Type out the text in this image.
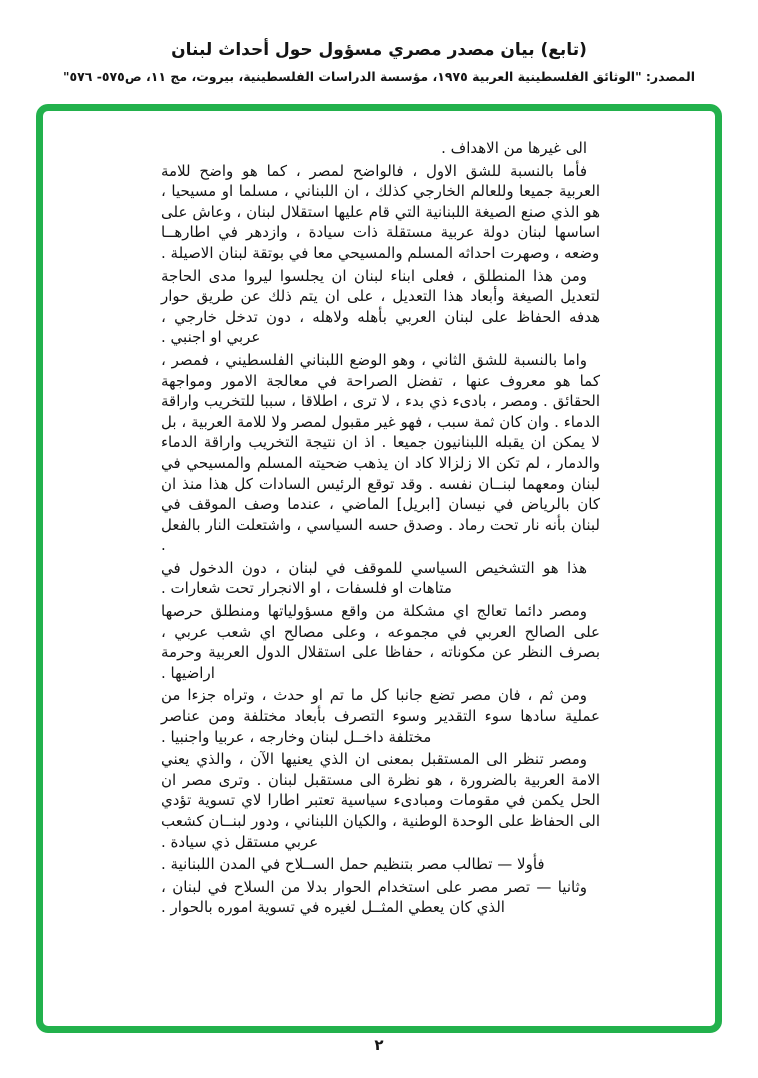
(تابع) بيان مصدر مصري مسؤول حول أحداث لبنان
المصدر: "الوثائق الفلسطينية العربية ١٩٧٥، مؤسسة الدراسات الفلسطينية، بيروت، مج ١١، ص٥٧٥- ٥٧٦"

الى غيرها من الاهداف .

فأما بالنسبة للشق الاول ، فالواضح لمصر ، كما هو واضح للامة العربية جميعا وللعالم الخارجي كذلك ، ان اللبناني ، مسلما او مسيحيا ، هو الذي صنع الصيغة اللبنانية التي قام عليها استقلال لبنان ، وعاش على اساسها لبنان دولة عربية مستقلة ذات سيادة ، وازدهر في اطارهــا وضعه ، وصهرت احداثه المسلم والمسيحي معا في بوتقة لبنان الاصيلة .

ومن هذا المنطلق ، فعلى ابناء لبنان ان يجلسوا ليروا مدى الحاجة لتعديل الصيغة وأبعاد هذا التعديل ، على ان يتم ذلك عن طريق حوار هدفه الحفاظ على لبنان العربي بأهله ولاهله ، دون تدخل خارجي ، عربي او اجنبي .

واما بالنسبة للشق الثاني ، وهو الوضع اللبناني الفلسطيني ، فمصر ، كما هو معروف عنها ، تفضل الصراحة في معالجة الامور ومواجهة الحقائق . ومصر ، بادىء ذي بدء ، لا ترى ، اطلاقا ، سببا للتخريب واراقة الدماء . وان كان ثمة سبب ، فهو غير مقبول لمصر ولا للامة العربية ، بل لا يمكن ان يقبله اللبنانيون جميعا . اذ ان نتيجة التخريب واراقة الدماء والدمار ، لم تكن الا زلزالا كاد ان يذهب ضحيته المسلم والمسيحي في لبنان ومعهما لبنــان نفسه . وقد توقع الرئيس السادات كل هذا منذ ان كان بالرياض في نيسان [ابريل] الماضي ، عندما وصف الموقف في لبنان بأنه نار تحت رماد . وصدق حسه السياسي ، واشتعلت النار بالفعل .

هذا هو التشخيص السياسي للموقف في لبنان ، دون الدخول في متاهات او فلسفات ، او الانجرار تحت شعارات .

ومصر دائما تعالج اي مشكلة من واقع مسؤولياتها ومنطلق حرصها على الصالح العربي في مجموعه ، وعلى مصالح اي شعب عربي ، بصرف النظر عن مكوناته ، حفاظا على استقلال الدول العربية وحرمة اراضيها .

ومن ثم ، فان مصر تضع جانبا كل ما تم او حدث ، وتراه جزءا من عملية سادها سوء التقدير وسوء التصرف بأبعاد مختلفة ومن عناصر مختلفة داخــل لبنان وخارجه ، عربيا واجنبيا .

ومصر تنظر الى المستقبل بمعنى ان الذي يعنيها الآن ، والذي يعني الامة العربية بالضرورة ، هو نظرة الى مستقبل لبنان . وترى مصر ان الحل يكمن في مقومات ومبادىء سياسية تعتبر اطارا لاي تسوية تؤدي الى الحفاظ على الوحدة الوطنية ، والكيان اللبناني ، ودور لبنــان كشعب عربي مستقل ذي سيادة .

فأولا — تطالب مصر بتنظيم حمل الســلاح في المدن اللبنانية .

وثانيا — تصر مصر على استخدام الحوار بدلا من السلاح في لبنان ، الذي كان يعطي المثــل لغيره في تسوية اموره بالحوار .

٢
